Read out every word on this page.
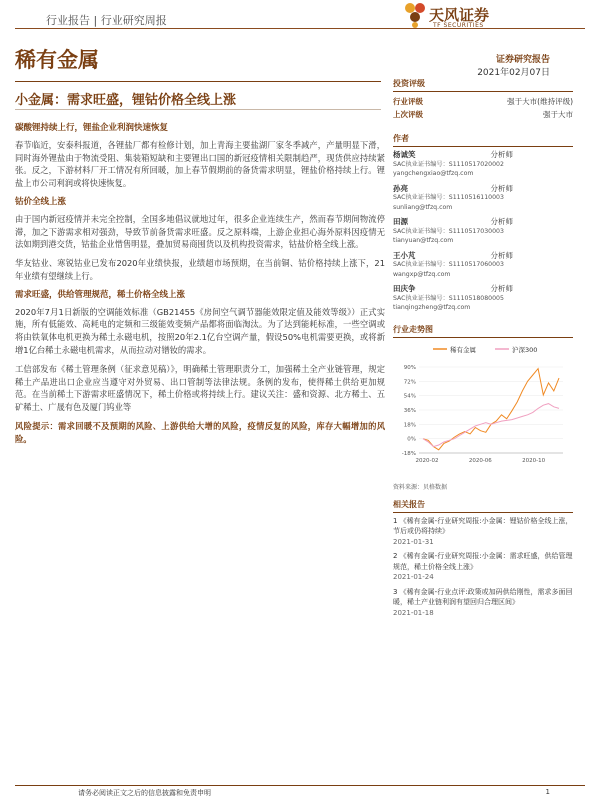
行业报告 | 行业研究周报	天风证券
TF SECURITIES
稀有金属	证券研究报告
2021年02月07日
小金属：需求旺盛，锂钴价格全线上涨
碳酸锂持续上行，锂盐企业利润快速恢复

春节临近，安泰科报道，各锂盐厂都有检修计划，加上青海主要盐湖厂家冬季减产，产量明显下滑，同时海外锂盐由于物流受阻、集装箱短缺和主要锂出口国的新冠疫情相关限制趋严，现货供应持续紧张。反之，下游材料厂开工情况有所回暖，加上春节假期前的备货需求明显，锂盐价格持续上行。锂盐上市公司利润或将快速恢复。

钴价全线上涨

由于国内新冠疫情并未完全控制，全国多地倡议就地过年，很多企业连续生产，然而春节期间物流停滞，加之下游需求相对强劲，导致节前备货需求旺盛。反之原料端，上游企业担心海外原料因疫情无法如期到港交货，钴盐企业惜售明显，叠加贸易商囤货以及机构投资需求，钴盐价格全线上涨。

华友钴业、寒锐钴业已发布2020年业绩快报，业绩超市场预期，在当前铜、钴价格持续上涨下，21年业绩有望继续上行。

需求旺盛，供给管理规范，稀土价格全线上涨

2020年7月1日新版的空调能效标准（GB21455《房间空气调节器能效限定值及能效等级》）正式实施，所有低能效、高耗电的定频和三级能效变频产品都将面临淘汰。为了达到能耗标准，一些空调或将由铁氧体电机更换为稀土永磁电机，按照20年2.1亿台空调产量，假设50%电机需要更换，或将新增1亿台稀土永磁电机需求，从而拉动对镨钕的需求。

工信部发布《稀土管理条例（征求意见稿）》，明确稀土管理职责分工，加强稀土全产业链管理，规定稀土产品进出口企业应当遵守对外贸易、出口管制等法律法规。条例的发布，使得稀土供给更加规范。在当前稀土下游需求旺盛情况下，稀土价格或将持续上行。建议关注：盛和资源、北方稀土、五矿稀土、广晟有色及厦门钨业等

风险提示：需求回暖不及预期的风险、上游供给大增的风险，疫情反复的风险，库存大幅增加的风险。

投资评级
行业评级	强于大市(维持评级)
上次评级	强于大市
作者
杨诚笑	分析师
SAC执业证书编号：S1110517020002
yangchengxiao@tfzq.com
孙亮	分析师
SAC执业证书编号：S1110516110003
sunliang@tfzq.com
田源	分析师
SAC执业证书编号：S1110517030003
tianyuan@tfzq.com
王小芃	分析师
SAC执业证书编号：S1110517060003
wangxp@tfzq.com
田庆争	分析师
SAC执业证书编号：S1110518080005
tianqingzheng@tfzq.com
行业走势图
稀有金属	沪深300
90%
72%
54%
36%
18%
0%
-18%
2020-02	2020-06	2020-10
资料来源：贝格数据
相关报告
1 《稀有金属-行业研究周报:小金属：锂钴价格全线上涨，节后或仍将持续》
2021-01-31
2 《稀有金属-行业研究周报:小金属：需求旺盛，供给管理规范，稀土价格全线上涨》
2021-01-24
3 《稀有金属-行业点评:政策或加码供给刚性，需求多面回暖，稀土产业链利润有望回归合理区间》
2021-01-18
请务必阅读正文之后的信息披露和免责申明	1
